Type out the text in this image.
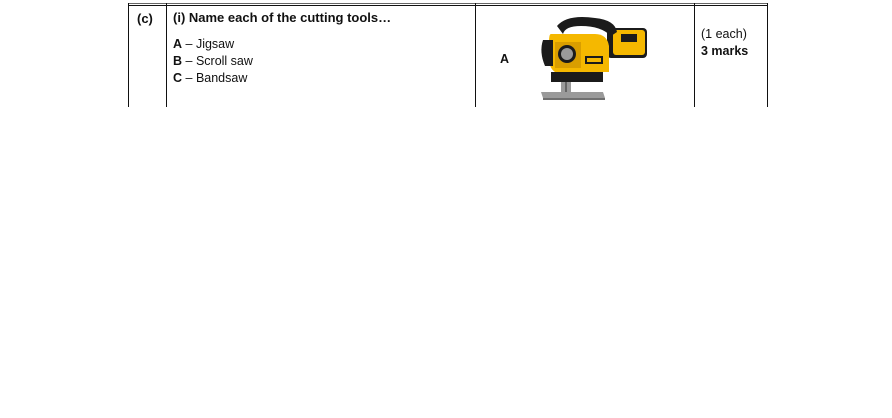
(c) (i) Name each of the cutting tools…
A – Jigsaw
B – Scroll saw
C – Bandsaw
A
(1 each)
3 marks
